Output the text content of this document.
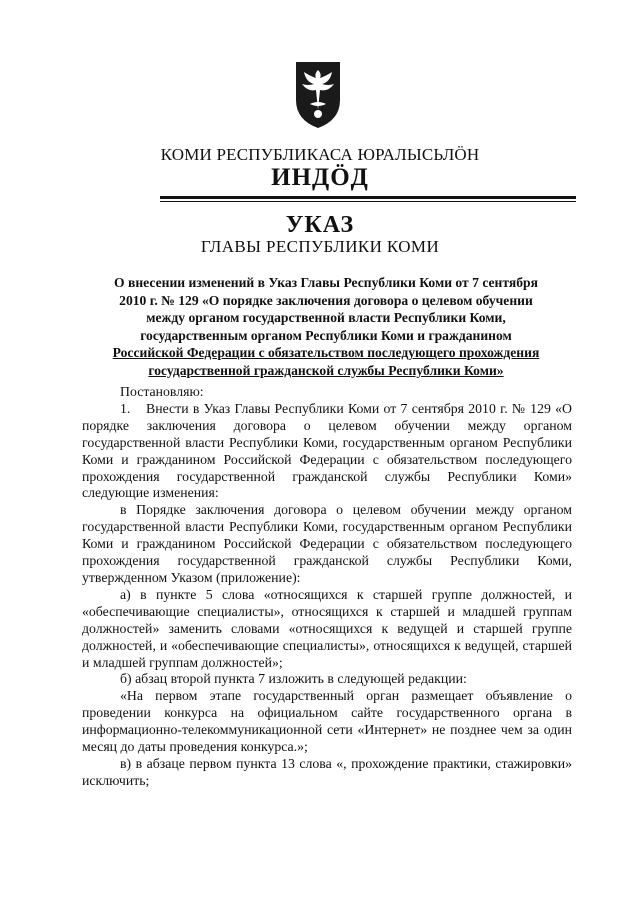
КОМИ РЕСПУБЛИКАСА ЮРАЛЫСЬЛÖН
ИНДÖД
УКАЗ
ГЛАВЫ РЕСПУБЛИКИ КОМИ
О внесении изменений в Указ Главы Республики Коми от 7 сентября
2010 г. № 129 «О порядке заключения договора о целевом обучении
между органом государственной власти Республики Коми,
государственным органом Республики Коми и гражданином
Российской Федерации с обязательством последующего прохождения
государственной гражданской службы Республики Коми»

Постановляю:

1. Внести в Указ Главы Республики Коми от 7 сентября 2010 г. № 129 «О порядке заключения договора о целевом обучении между органом государственной власти Республики Коми, государственным органом Республики Коми и гражданином Российской Федерации с обязательством последующего прохождения государственной гражданской службы Республики Коми» следующие изменения:

в Порядке заключения договора о целевом обучении между органом государственной власти Республики Коми, государственным органом Республики Коми и гражданином Российской Федерации с обязательством последующего прохождения государственной гражданской службы Республики Коми, утвержденном Указом (приложение):

а) в пункте 5 слова «относящихся к старшей группе должностей, и «обеспечивающие специалисты», относящихся к старшей и младшей группам должностей» заменить словами «относящихся к ведущей и старшей группе должностей, и «обеспечивающие специалисты», относящихся к ведущей, старшей и младшей группам должностей»;

б) абзац второй пункта 7 изложить в следующей редакции:

«На первом этапе государственный орган размещает объявление о проведении конкурса на официальном сайте государственного органа в информационно-телекоммуникационной сети «Интернет» не позднее чем за один месяц до даты проведения конкурса.»;

в) в абзаце первом пункта 13 слова «, прохождение практики, стажировки» исключить;
